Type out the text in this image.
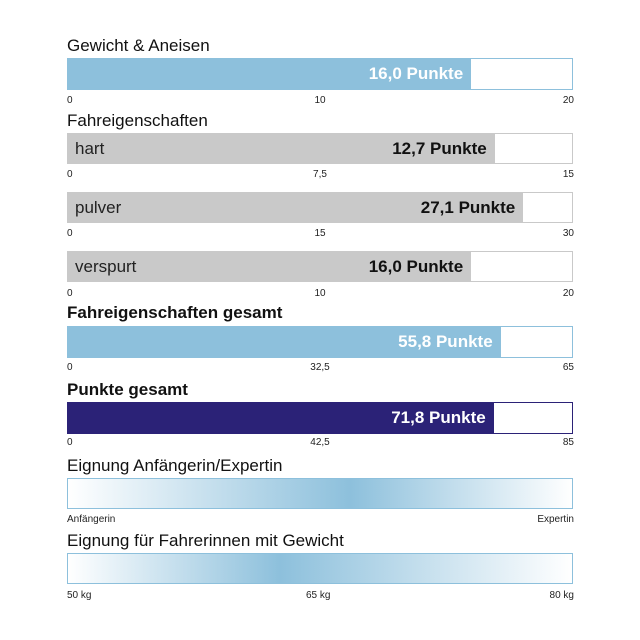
Gewicht & Aneisen
16,0 Punkte
0	10	20
Fahreigenschaften
hart	12,7 Punkte
0	7,5	15
pulver	27,1 Punkte
0	15	30
verspurt	16,0 Punkte
0	10	20
Fahreigenschaften gesamt
55,8 Punkte
0	32,5	65
Punkte gesamt
71,8 Punkte
0	42,5	85
Eignung Anfängerin/Expertin
Anfängerin	Expertin
Eignung für Fahrerinnen mit Gewicht
50 kg	65 kg	80 kg
